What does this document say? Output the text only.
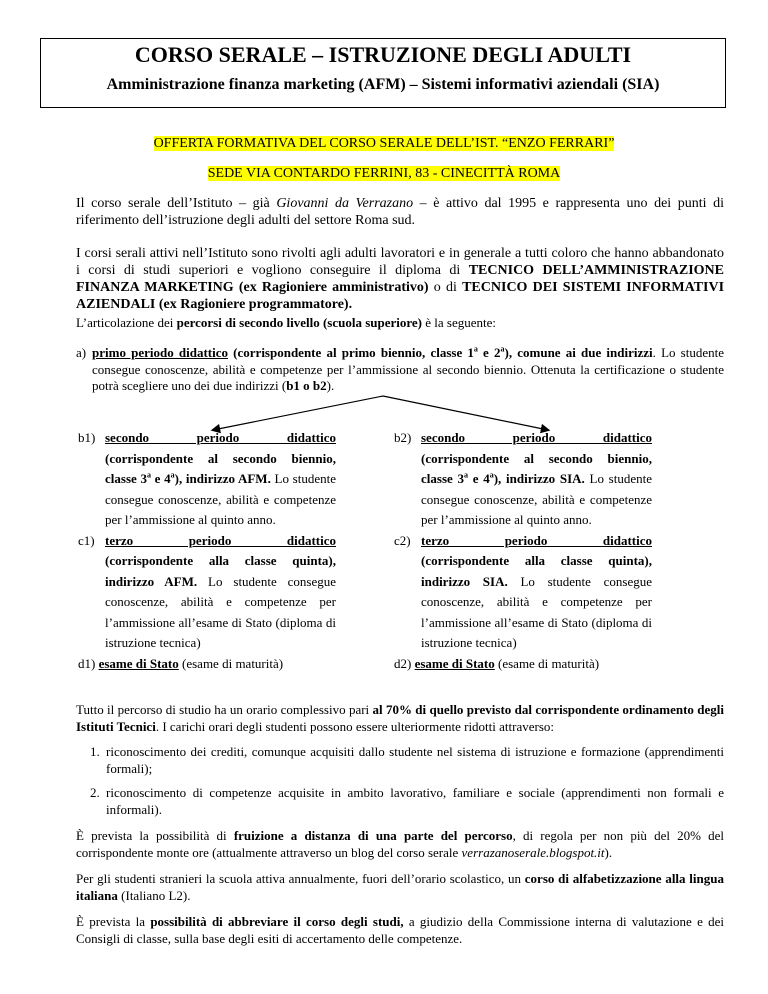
CORSO SERALE – ISTRUZIONE DEGLI ADULTI
Amministrazione finanza marketing (AFM) – Sistemi informativi aziendali (SIA)
OFFERTA FORMATIVA DEL CORSO SERALE DELL’IST. “ENZO FERRARI”
SEDE VIA CONTARDO FERRINI, 83 - CINECITTÀ ROMA

Il corso serale dell’Istituto – già Giovanni da Verrazano – è attivo dal 1995 e rappresenta uno dei punti di riferimento dell’istruzione degli adulti del settore Roma sud.

I corsi serali attivi nell’Istituto sono rivolti agli adulti lavoratori e in generale a tutti coloro che hanno abbandonato i corsi di studi superiori e vogliono conseguire il diploma di TECNICO DELL’AMMINISTRAZIONE FINANZA MARKETING (ex Ragioniere amministrativo) o di TECNICO DEI SISTEMI INFORMATIVI AZIENDALI (ex Ragioniere programmatore).

L’articolazione dei percorsi di secondo livello (scuola superiore) è la seguente:

a) primo periodo didattico (corrispondente al primo biennio, classe 1$^a$ e 2$^a$), comune ai due indirizzi. Lo studente consegue conoscenze, abilità e competenze per l’ammissione al secondo biennio. Ottenuta la certificazione o studente potrà scegliere uno dei due indirizzi (b1 o b2).
b1) secondo periodo didattico
(corrispondente al secondo biennio, classe 3$^a$ e 4$^a$), indirizzo AFM. Lo studente consegue conoscenze, abilità e competenze per l’ammissione al quinto anno.
c1) terzo periodo didattico
(corrispondente alla classe quinta), indirizzo AFM. Lo studente consegue conoscenze, abilità e competenze per l’ammissione all’esame di Stato (diploma di istruzione tecnica)
d1) esame di Stato (esame di maturità)
b2) secondo periodo didattico
(corrispondente al secondo biennio, classe 3$^a$ e 4$^a$), indirizzo SIA. Lo studente consegue conoscenze, abilità e competenze per l’ammissione al quinto anno.
c2) terzo periodo didattico
(corrispondente alla classe quinta), indirizzo SIA. Lo studente consegue conoscenze, abilità e competenze per l’ammissione all’esame di Stato (diploma di istruzione tecnica)
d2) esame di Stato (esame di maturità)

Tutto il percorso di studio ha un orario complessivo pari al 70% di quello previsto dal corrispondente ordinamento degli Istituti Tecnici. I carichi orari degli studenti possono essere ulteriormente ridotti attraverso:

1. riconoscimento dei crediti, comunque acquisiti dallo studente nel sistema di istruzione e formazione (apprendimenti formali);
2. riconoscimento di competenze acquisite in ambito lavorativo, familiare e sociale (apprendimenti non formali e informali).

È prevista la possibilità di fruizione a distanza di una parte del percorso, di regola per non più del 20% del corrispondente monte ore (attualmente attraverso un blog del corso serale verrazanoserale.blogspot.it).

Per gli studenti stranieri la scuola attiva annualmente, fuori dell’orario scolastico, un corso di alfabetizzazione alla lingua italiana (Italiano L2).

È prevista la possibilità di abbreviare il corso degli studi, a giudizio della Commissione interna di valutazione e dei Consigli di classe, sulla base degli esiti di accertamento delle competenze.
